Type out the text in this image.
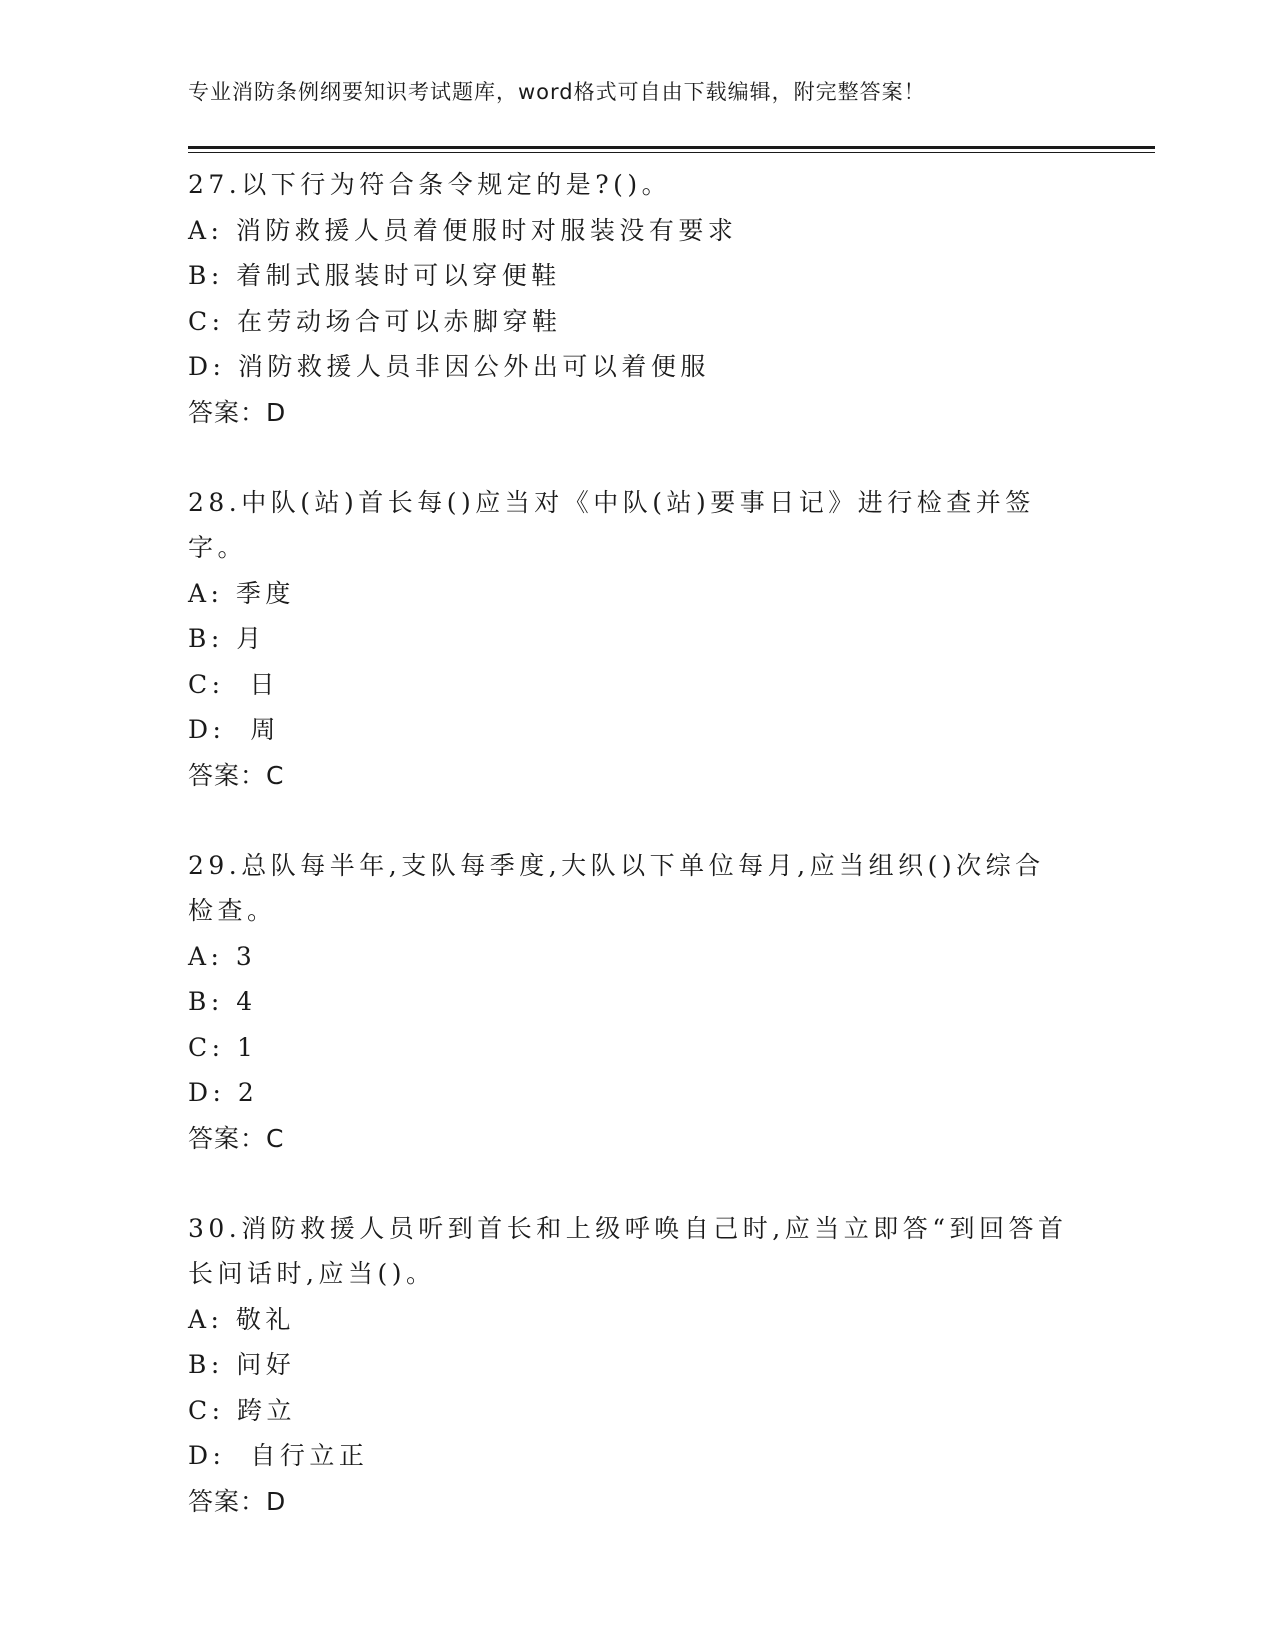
专业消防条例纲要知识考试题库，word格式可自由下载编辑，附完整答案！
27.以下行为符合条令规定的是?()。
A: 消防救援人员着便服时对服装没有要求
B: 着制式服装时可以穿便鞋
C: 在劳动场合可以赤脚穿鞋
D: 消防救援人员非因公外出可以着便服
答案：D
28.中队(站)首长每()应当对《中队(站)要事日记》进行检查并签字。
A: 季度
B: 月
C:  日
D:  周
答案：C
29.总队每半年,支队每季度,大队以下单位每月,应当组织()次综合检查。
A: 3
B: 4
C: 1
D: 2
答案：C
30.消防救援人员听到首长和上级呼唤自己时,应当立即答“到回答首长问话时,应当()。
A: 敬礼
B: 问好
C: 跨立
D:  自行立正
答案：D
